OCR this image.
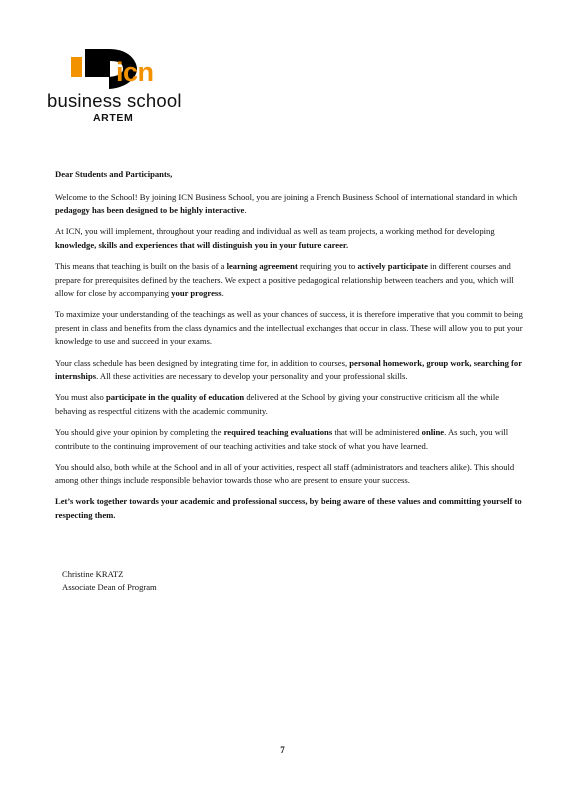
icn
business school
ARTEM

Dear Students and Participants,

Welcome to the School! By joining ICN Business School, you are joining a French Business School of international standard in which pedagogy has been designed to be highly interactive.

At ICN, you will implement, throughout your reading and individual as well as team projects, a working method for developing knowledge, skills and experiences that will distinguish you in your future career.

This means that teaching is built on the basis of a learning agreement requiring you to actively participate in different courses and prepare for prerequisites defined by the teachers. We expect a positive pedagogical relationship between teachers and you, which will allow for close by accompanying your progress.

To maximize your understanding of the teachings as well as your chances of success, it is therefore imperative that you commit to being present in class and benefits from the class dynamics and the intellectual exchanges that occur in class. These will allow you to put your knowledge to use and succeed in your exams.

Your class schedule has been designed by integrating time for, in addition to courses, personal homework, group work, searching for internships. All these activities are necessary to develop your personality and your professional skills.

You must also participate in the quality of education delivered at the School by giving your constructive criticism all the while behaving as respectful citizens with the academic community.

You should give your opinion by completing the required teaching evaluations that will be administered online. As such, you will contribute to the continuing improvement of our teaching activities and take stock of what you have learned.

You should also, both while at the School and in all of your activities, respect all staff (administrators and teachers alike). This should among other things include responsible behavior towards those who are present to ensure your success.

Let’s work together towards your academic and professional success, by being aware of these values and committing yourself to respecting them.

Christine KRATZ
Associate Dean of Program
7
